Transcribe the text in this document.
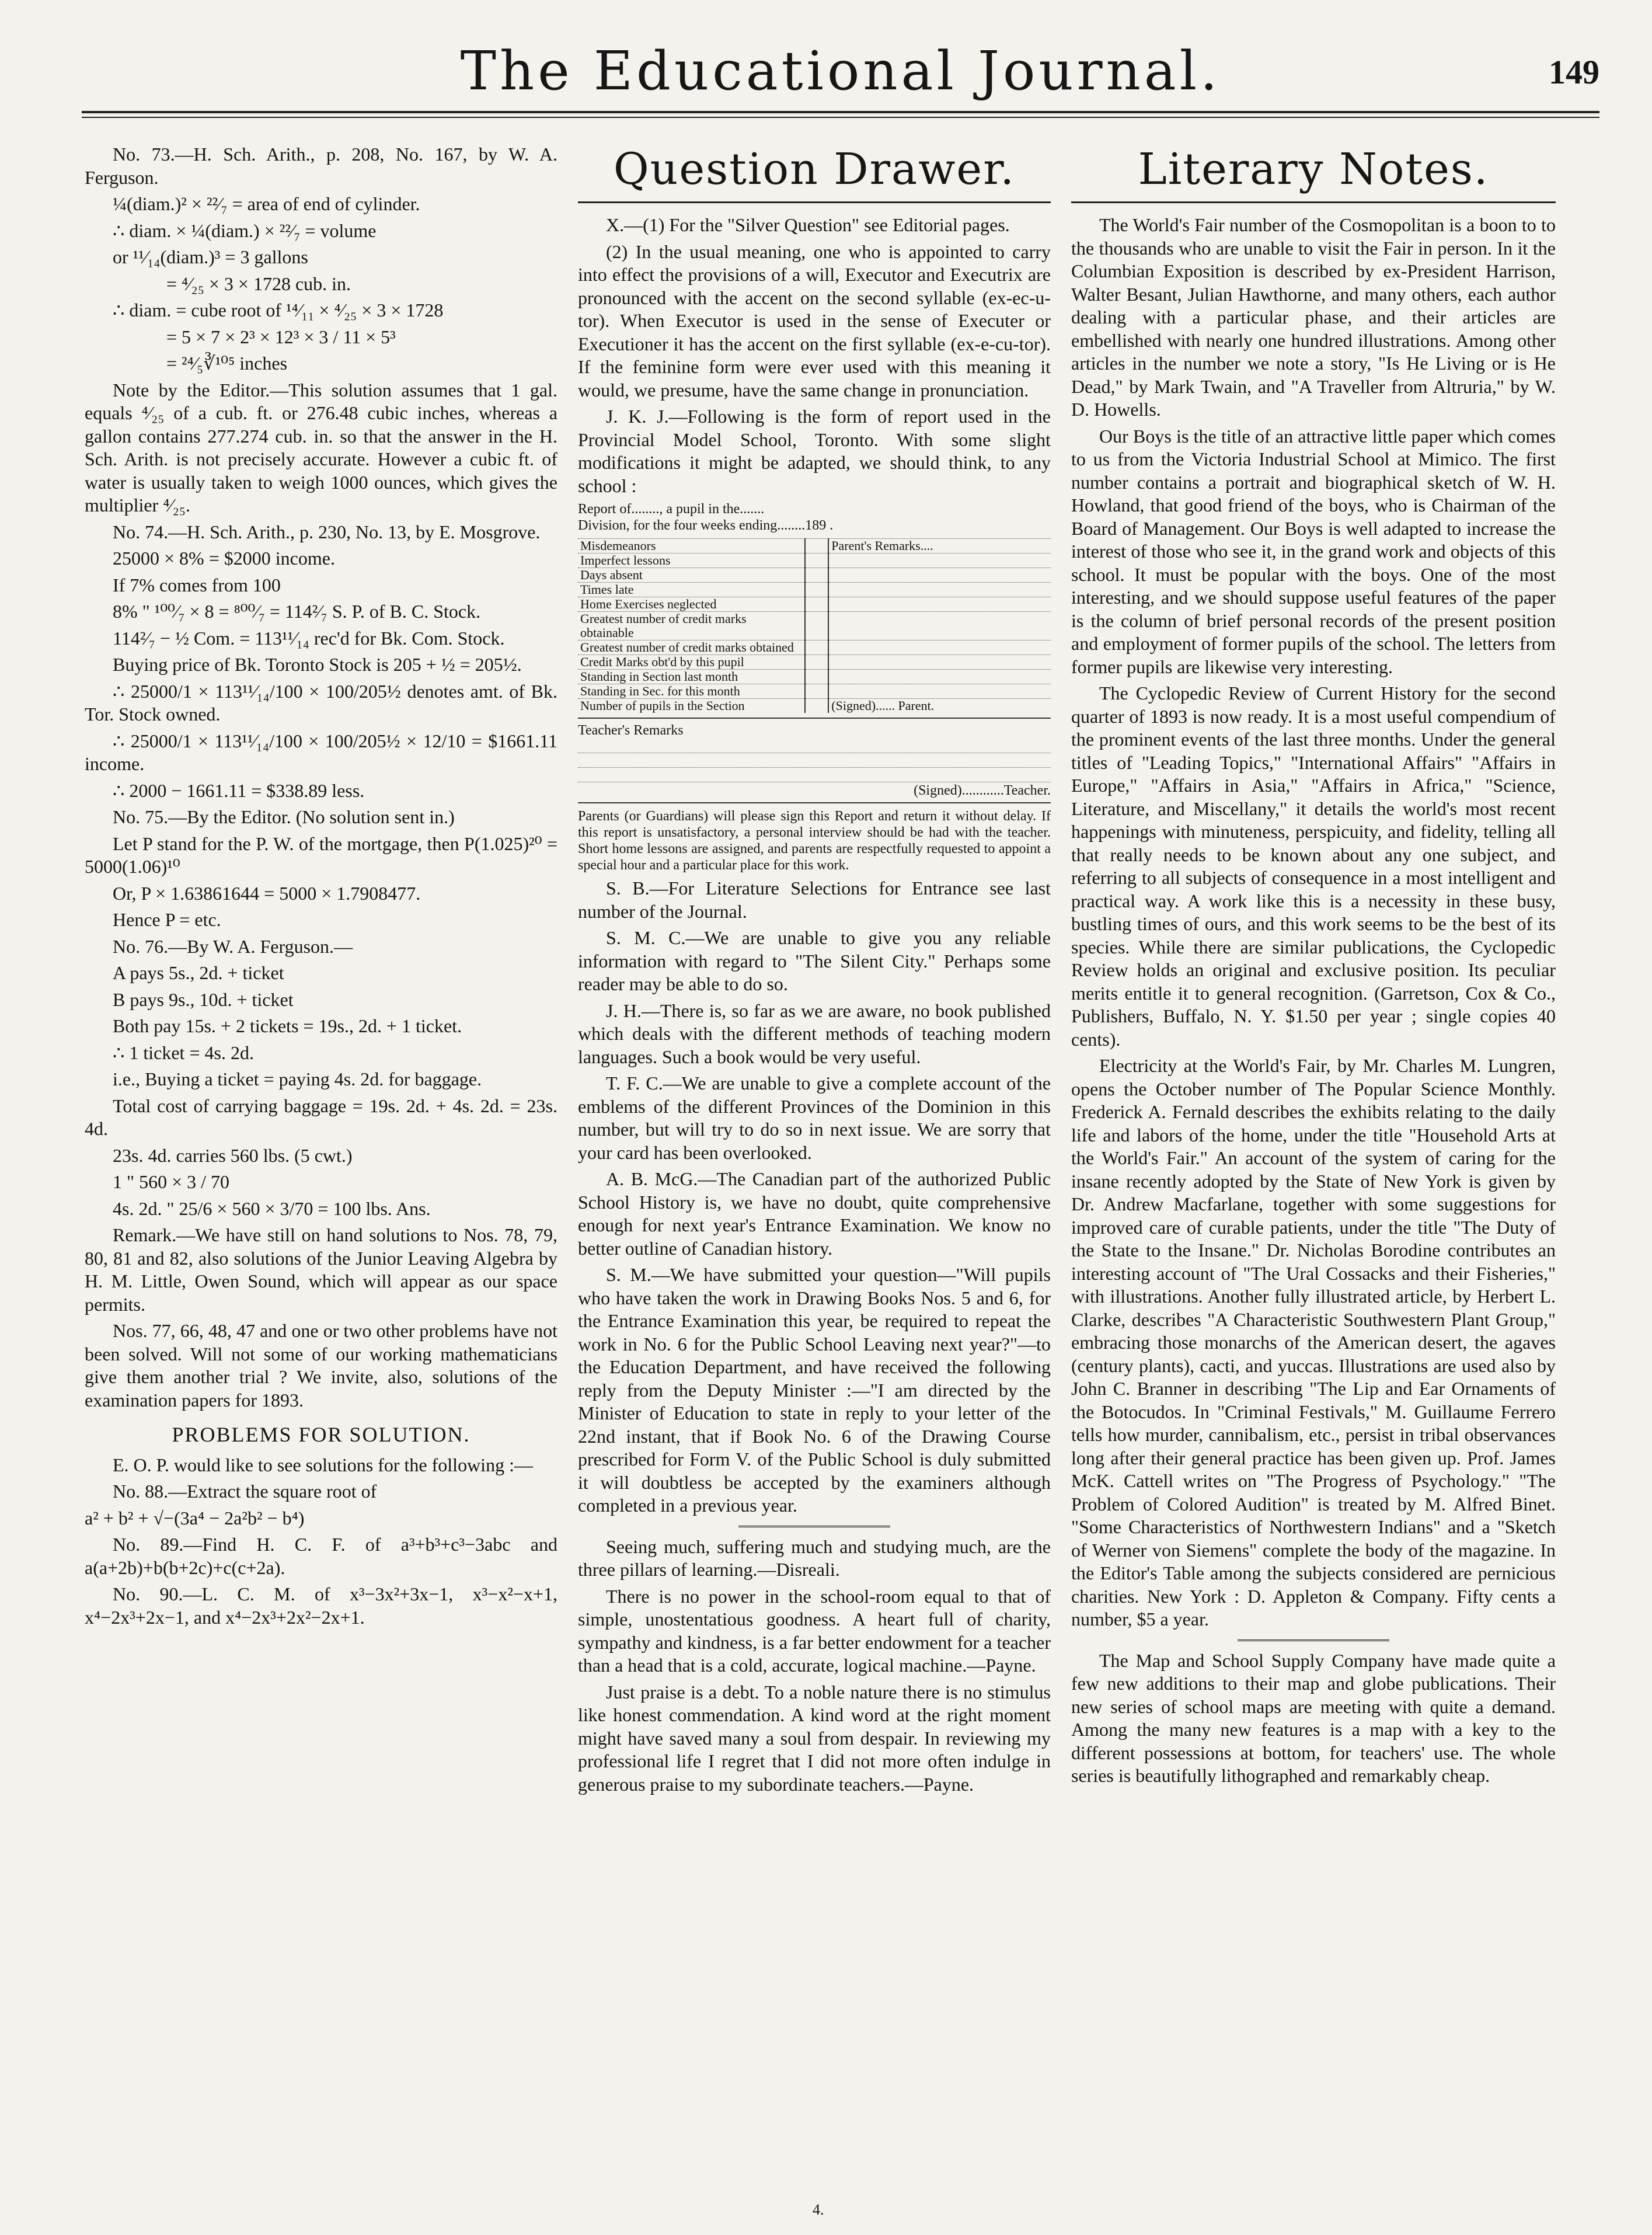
The Educational Journal.	149

No. 73.—H. Sch. Arith., p. 208, No. 167, by W. A. Ferguson.

¼(diam.)² × ²²⁄₇ = area of end of cylinder.

∴ diam. × ¼(diam.) × ²²⁄₇ = volume

or ¹¹⁄₁₄(diam.)³ = 3 gallons

= ⁴⁄₂₅ × 3 × 1728 cub. in.

∴ diam. = cube root of ¹⁴⁄₁₁ × ⁴⁄₂₅ × 3 × 1728

= 5 × 7 × 2³ × 12³ × 3 / 11 × 5³

= ²⁴⁄₅∛¹⁰⁵ inches

Note by the Editor.—This solution assumes that 1 gal. equals ⁴⁄₂₅ of a cub. ft. or 276.48 cubic inches, whereas a gallon contains 277.274 cub. in. so that the answer in the H. Sch. Arith. is not precisely accurate. However a cubic ft. of water is usually taken to weigh 1000 ounces, which gives the multiplier ⁴⁄₂₅.

No. 74.—H. Sch. Arith., p. 230, No. 13, by E. Mosgrove.

25000 × 8% = $2000 income.

If 7% comes from 100

8% " ¹⁰⁰⁄₇ × 8 = ⁸⁰⁰⁄₇ = 114²⁄₇ S. P. of B. C. Stock.

114²⁄₇ − ½ Com. = 113¹¹⁄₁₄ rec'd for Bk. Com. Stock.

Buying price of Bk. Toronto Stock is 205 + ½ = 205½.

∴ 25000/1 × 113¹¹⁄₁₄/100 × 100/205½ denotes amt. of Bk. Tor. Stock owned.

∴ 25000/1 × 113¹¹⁄₁₄/100 × 100/205½ × 12/10 = $1661.11 income.

∴ 2000 − 1661.11 = $338.89 less.

No. 75.—By the Editor. (No solution sent in.)

Let P stand for the P. W. of the mortgage, then P(1.025)²⁰ = 5000(1.06)¹⁰

Or, P × 1.63861644 = 5000 × 1.7908477.

Hence P = etc.

No. 76.—By W. A. Ferguson.—

A pays 5s., 2d. + ticket

B pays 9s., 10d. + ticket

Both pay 15s. + 2 tickets = 19s., 2d. + 1 ticket.

∴ 1 ticket = 4s. 2d.

i.e., Buying a ticket = paying 4s. 2d. for baggage.

Total cost of carrying baggage = 19s. 2d. + 4s. 2d. = 23s. 4d.

23s. 4d. carries 560 lbs. (5 cwt.)

1 " 560 × 3 / 70

4s. 2d. " 25/6 × 560 × 3/70 = 100 lbs. Ans.

Remark.—We have still on hand solutions to Nos. 78, 79, 80, 81 and 82, also solutions of the Junior Leaving Algebra by H. M. Little, Owen Sound, which will appear as our space permits.

Nos. 77, 66, 48, 47 and one or two other problems have not been solved. Will not some of our working mathematicians give them another trial ? We invite, also, solutions of the examination papers for 1893.

PROBLEMS FOR SOLUTION.

E. O. P. would like to see solutions for the following :—

No. 88.—Extract the square root of

a² + b² + √−(3a⁴ − 2a²b² − b⁴)

No. 89.—Find H. C. F. of a³+b³+c³−3abc and a(a+2b)+b(b+2c)+c(c+2a).

No. 90.—L. C. M. of x³−3x²+3x−1, x³−x²−x+1, x⁴−2x³+2x−1, and x⁴−2x³+2x²−2x+1.

Question Drawer.

X.—(1) For the "Silver Question" see Editorial pages.

(2) In the usual meaning, one who is appointed to carry into effect the provisions of a will, Executor and Executrix are pronounced with the accent on the second syllable (ex-ec-u-tor). When Executor is used in the sense of Executer or Executioner it has the accent on the first syllable (ex-e-cu-tor). If the feminine form were ever used with this meaning it would, we presume, have the same change in pronunciation.

J. K. J.—Following is the form of report used in the Provincial Model School, Toronto. With some slight modifications it might be adapted, we should think, to any school :

Report of........, a pupil in the.......
Division, for the four weeks ending........189 .
Misdemeanors		Parent's Remarks....
Imperfect lessons		
Days absent		
Times late		
Home Exercises neglected		
Greatest number of credit marks obtainable		
Greatest number of credit marks obtained		
Credit Marks obt'd by this pupil		
Standing in Section last month		
Standing in Sec. for this month		
Number of pupils in the Section		(Signed)...... Parent.
Teacher's Remarks
(Signed)............Teacher.

Parents (or Guardians) will please sign this Report and return it without delay. If this report is unsatisfactory, a personal interview should be had with the teacher. Short home lessons are assigned, and parents are respectfully requested to appoint a special hour and a particular place for this work.

S. B.—For Literature Selections for Entrance see last number of the Journal.

S. M. C.—We are unable to give you any reliable information with regard to "The Silent City." Perhaps some reader may be able to do so.

J. H.—There is, so far as we are aware, no book published which deals with the different methods of teaching modern languages. Such a book would be very useful.

T. F. C.—We are unable to give a complete account of the emblems of the different Provinces of the Dominion in this number, but will try to do so in next issue. We are sorry that your card has been overlooked.

A. B. McG.—The Canadian part of the authorized Public School History is, we have no doubt, quite comprehensive enough for next year's Entrance Examination. We know no better outline of Canadian history.

S. M.—We have submitted your question—"Will pupils who have taken the work in Drawing Books Nos. 5 and 6, for the Entrance Examination this year, be required to repeat the work in No. 6 for the Public School Leaving next year?"—to the Education Department, and have received the following reply from the Deputy Minister :—"I am directed by the Minister of Education to state in reply to your letter of the 22nd instant, that if Book No. 6 of the Drawing Course prescribed for Form V. of the Public School is duly submitted it will doubtless be accepted by the examiners although completed in a previous year.

Seeing much, suffering much and studying much, are the three pillars of learning.—Disreali.

There is no power in the school-room equal to that of simple, unostentatious goodness. A heart full of charity, sympathy and kindness, is a far better endowment for a teacher than a head that is a cold, accurate, logical machine.—Payne.

Just praise is a debt. To a noble nature there is no stimulus like honest commendation. A kind word at the right moment might have saved many a soul from despair. In reviewing my professional life I regret that I did not more often indulge in generous praise to my subordinate teachers.—Payne.

Literary Notes.

The World's Fair number of the Cosmopolitan is a boon to to the thousands who are unable to visit the Fair in person. In it the Columbian Exposition is described by ex-President Harrison, Walter Besant, Julian Hawthorne, and many others, each author dealing with a particular phase, and their articles are embellished with nearly one hundred illustrations. Among other articles in the number we note a story, "Is He Living or is He Dead," by Mark Twain, and "A Traveller from Altruria," by W. D. Howells.

Our Boys is the title of an attractive little paper which comes to us from the Victoria Industrial School at Mimico. The first number contains a portrait and biographical sketch of W. H. Howland, that good friend of the boys, who is Chairman of the Board of Management. Our Boys is well adapted to increase the interest of those who see it, in the grand work and objects of this school. It must be popular with the boys. One of the most interesting, and we should suppose useful features of the paper is the column of brief personal records of the present position and employment of former pupils of the school. The letters from former pupils are likewise very interesting.

The Cyclopedic Review of Current History for the second quarter of 1893 is now ready. It is a most useful compendium of the prominent events of the last three months. Under the general titles of "Leading Topics," "International Affairs" "Affairs in Europe," "Affairs in Asia," "Affairs in Africa," "Science, Literature, and Miscellany," it details the world's most recent happenings with minuteness, perspicuity, and fidelity, telling all that really needs to be known about any one subject, and referring to all subjects of consequence in a most intelligent and practical way. A work like this is a necessity in these busy, bustling times of ours, and this work seems to be the best of its species. While there are similar publications, the Cyclopedic Review holds an original and exclusive position. Its peculiar merits entitle it to general recognition. (Garretson, Cox & Co., Publishers, Buffalo, N. Y. $1.50 per year ; single copies 40 cents).

Electricity at the World's Fair, by Mr. Charles M. Lungren, opens the October number of The Popular Science Monthly. Frederick A. Fernald describes the exhibits relating to the daily life and labors of the home, under the title "Household Arts at the World's Fair." An account of the system of caring for the insane recently adopted by the State of New York is given by Dr. Andrew Macfarlane, together with some suggestions for improved care of curable patients, under the title "The Duty of the State to the Insane." Dr. Nicholas Borodine contributes an interesting account of "The Ural Cossacks and their Fisheries," with illustrations. Another fully illustrated article, by Herbert L. Clarke, describes "A Characteristic Southwestern Plant Group," embracing those monarchs of the American desert, the agaves (century plants), cacti, and yuccas. Illustrations are used also by John C. Branner in describing "The Lip and Ear Ornaments of the Botocudos. In "Criminal Festivals," M. Guillaume Ferrero tells how murder, cannibalism, etc., persist in tribal observances long after their general practice has been given up. Prof. James McK. Cattell writes on "The Progress of Psychology." "The Problem of Colored Audition" is treated by M. Alfred Binet. "Some Characteristics of Northwestern Indians" and a "Sketch of Werner von Siemens" complete the body of the magazine. In the Editor's Table among the subjects considered are pernicious charities. New York : D. Appleton & Company. Fifty cents a number, $5 a year.

The Map and School Supply Company have made quite a few new additions to their map and globe publications. Their new series of school maps are meeting with quite a demand. Among the many new features is a map with a key to the different possessions at bottom, for teachers' use. The whole series is beautifully lithographed and remarkably cheap.

4.
